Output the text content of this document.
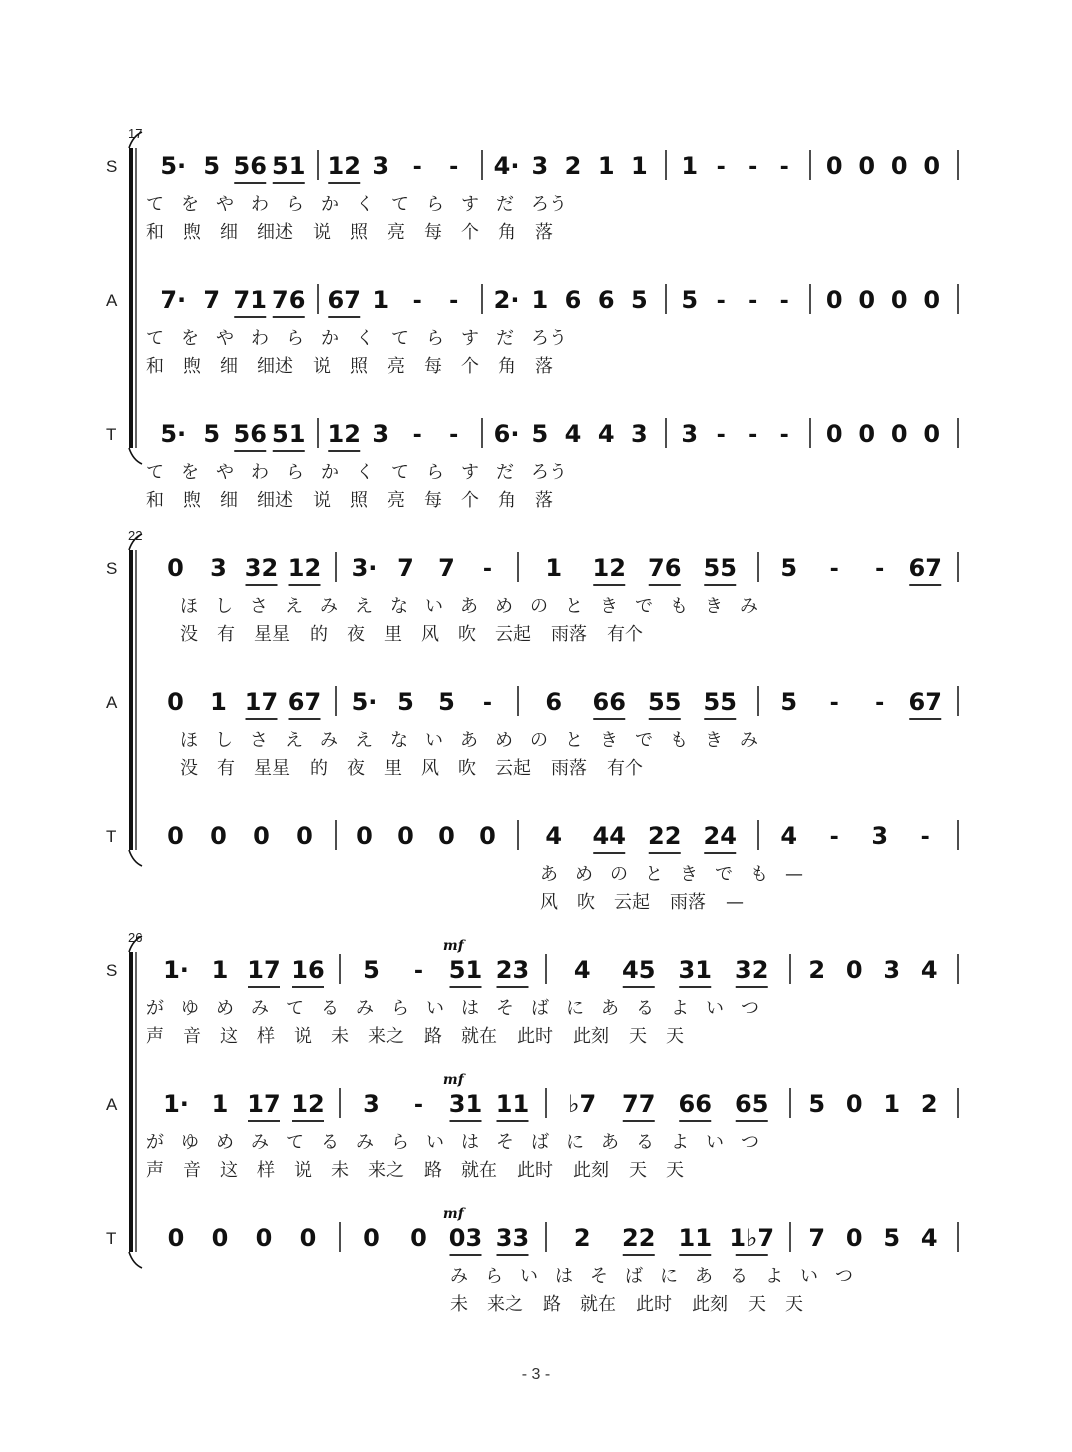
17
S 5· 5 56 51 12 3 - - 4· 3 2 1 1 1 - - - 0 0 0 0
て を や わ ら か く て ら す だ ろう
和 煦 细 细述 说 照 亮 每 个 角 落
A 7· 7 71 76 67 1 - - 2· 1 6 6 5 5 - - - 0 0 0 0
て を や わ ら か く て ら す だ ろう
和 煦 细 细述 说 照 亮 每 个 角 落
T 5· 5 56 51 12 3 - - 6· 5 4 4 3 3 - - - 0 0 0 0
て を や わ ら か く て ら す だ ろう
和 煦 细 细述 说 照 亮 每 个 角 落
22
S 0 3 32 12 3· 7 7 - 1 12 76 55 5 - - 67
ほ し さ え み え な い あ め の と き で も き み
没 有 星星 的 夜 里 风 吹 云起 雨落 有个
A 0 1 17 67 5· 5 5 - 6 66 55 55 5 - - 67
ほ し さ え み え な い あ め の と き で も き み
没 有 星星 的 夜 里 风 吹 云起 雨落 有个
T 0 0 0 0 0 0 0 0 4 44 22 24 4 - 3 -
あ め の と き で も —
风 吹 云起 雨落 —
26
S 1· 1 17 16 5 - 51 23
mf
4 45 31 32 2 0 3 4
が ゆ め み て る み ら い は そ ば に あ る よ い つ
声 音 这 样 说 未 来之 路 就在 此时 此刻 天 天
A 1· 1 17 12 3 - 31 11
mf
♭7 77 66 65 5 0 1 2
が ゆ め み て る み ら い は そ ば に あ る よ い つ
声 音 这 样 说 未 来之 路 就在 此时 此刻 天 天
T 0 0 0 0 0 0 03 33
mf
2 22 11 1♭7 7 0 5 4
み ら い は そ ば に あ る よ い つ
未 来之 路 就在 此时 此刻 天 天
- 3 -
